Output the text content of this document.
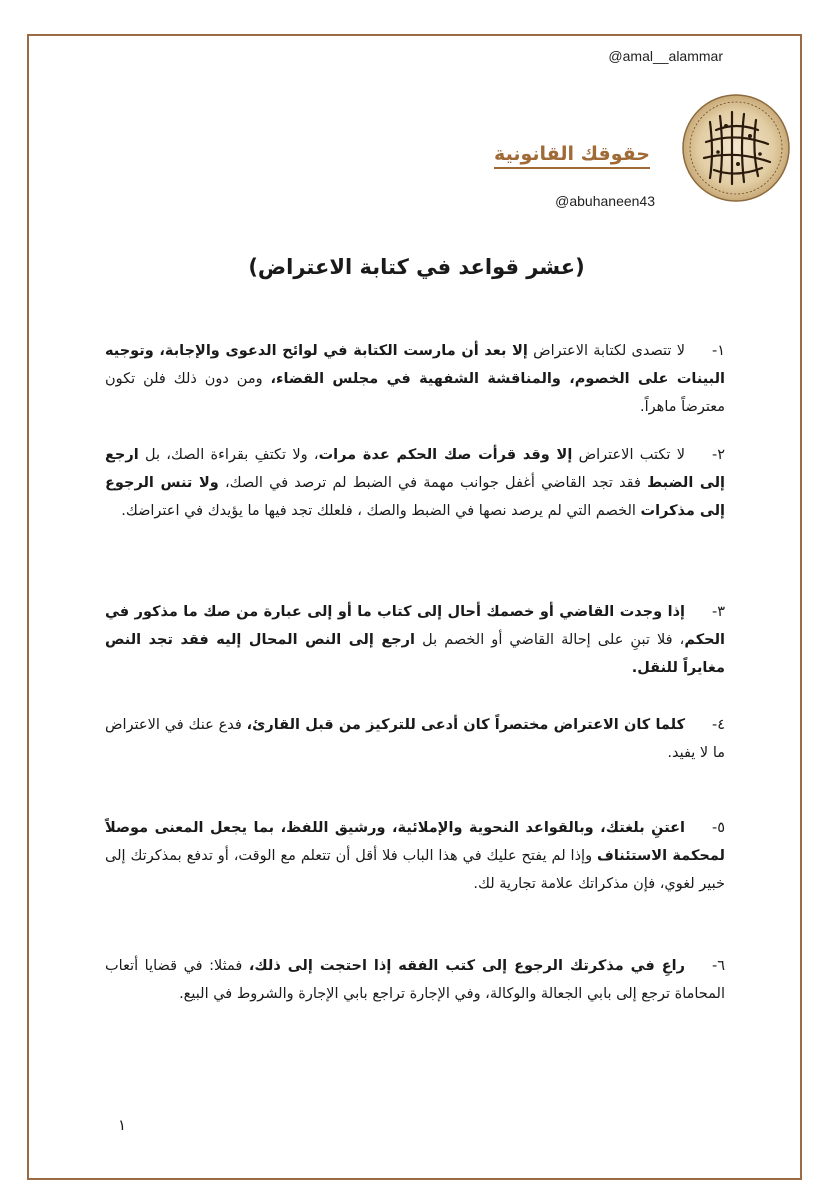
@amal__alammar
حقوقك القانونية
@abuhaneen43
(عشر قواعد في كتابة الاعتراض)
١-لا تتصدى لكتابة الاعتراض إلا بعد أن مارست الكتابة في لوائح الدعوى والإجابة، وتوجيه البينات على الخصوم، والمناقشة الشفهية في مجلس القضاء، ومن دون ذلك فلن تكون معترضاً ماهراً.
٢-لا تكتب الاعتراض إلا وقد قرأت صك الحكم عدة مرات، ولا تكتفِ بقراءة الصك، بل ارجع إلى الضبط فقد تجد القاضي أغفل جوانب مهمة في الضبط لم ترصد في الصك، ولا تنس الرجوع إلى مذكرات الخصم التي لم يرصد نصها في الضبط والصك ، فلعلك تجد فيها ما يؤيدك في اعتراضك.
٣-إذا وجدت القاضي أو خصمك أحال إلى كتاب ما أو إلى عبارة من صك ما مذكور في الحكم، فلا تبنِ على إحالة القاضي أو الخصم بل ارجع إلى النص المحال إليه فقد تجد النص مغايراً للنقل.
٤-كلما كان الاعتراض مختصراً كان أدعى للتركيز من قبل القارئ، فدع عنك في الاعتراض ما لا يفيد.
٥-اعتنِ بلغتك، وبالقواعد النحوية والإملائية، ورشيق اللفظ، بما يجعل المعنى موصلاً لمحكمة الاستئناف وإذا لم يفتح عليك في هذا الباب فلا أقل أن تتعلم مع الوقت، أو تدفع بمذكرتك إلى خبير لغوي، فإن مذكراتك علامة تجارية لك.
٦-راعِ في مذكرتك الرجوع إلى كتب الفقه إذا احتجت إلى ذلك، فمثلا: في قضايا أتعاب المحاماة ترجع إلى بابي الجعالة والوكالة، وفي الإجارة تراجع بابي الإجارة والشروط في البيع.
١
